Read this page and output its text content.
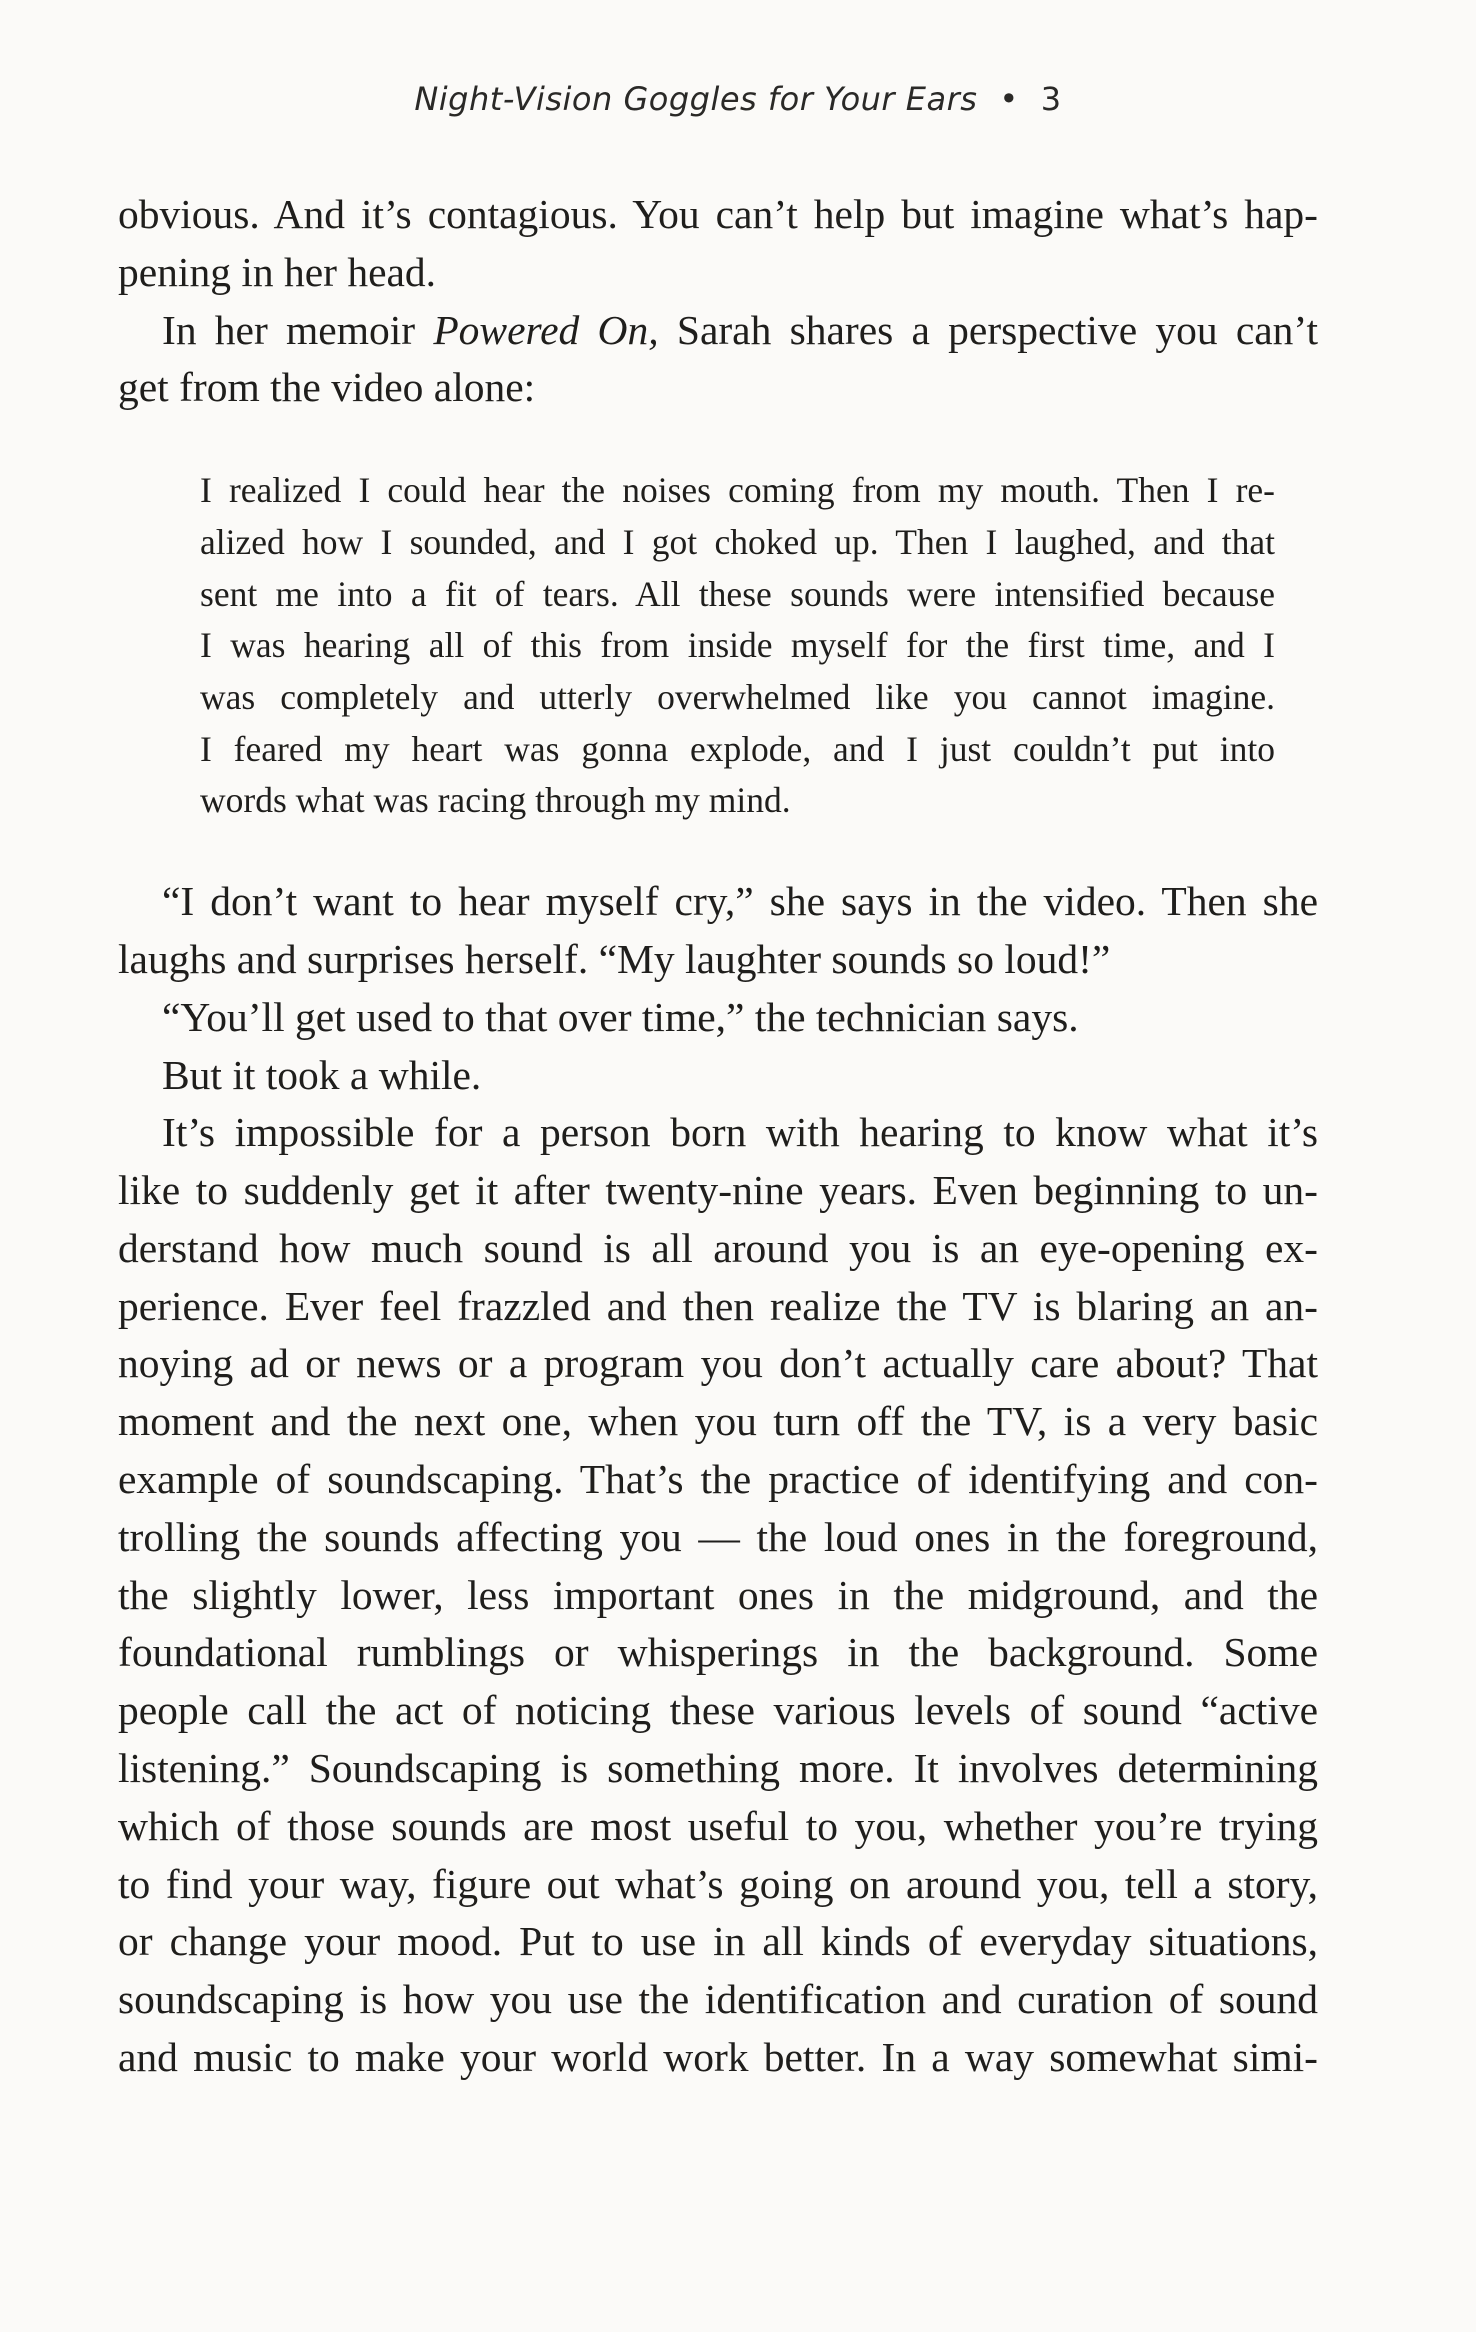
Night-Vision Goggles for Your Ears • 3
obvious. And it’s contagious. You can’t help but imagine what’s hap-
pening in her head.
In her memoir Powered On, Sarah shares a perspective you can’t
get from the video alone:
I realized I could hear the noises coming from my mouth. Then I re-
alized how I sounded, and I got choked up. Then I laughed, and that
sent me into a fit of tears. All these sounds were intensified because
I was hearing all of this from inside myself for the first time, and I
was completely and utterly overwhelmed like you cannot imagine.
I feared my heart was gonna explode, and I just couldn’t put into
words what was racing through my mind.
“I don’t want to hear myself cry,” she says in the video. Then she
laughs and surprises herself. “My laughter sounds so loud!”
“You’ll get used to that over time,” the technician says.
But it took a while.
It’s impossible for a person born with hearing to know what it’s
like to suddenly get it after twenty-nine years. Even beginning to un-
derstand how much sound is all around you is an eye-opening ex-
perience. Ever feel frazzled and then realize the TV is blaring an an-
noying ad or news or a program you don’t actually care about? That
moment and the next one, when you turn off the TV, is a very basic
example of soundscaping. That’s the practice of identifying and con-
trolling the sounds affecting you — the loud ones in the foreground,
the slightly lower, less important ones in the midground, and the
foundational rumblings or whisperings in the background. Some
people call the act of noticing these various levels of sound “active
listening.” Soundscaping is something more. It involves determining
which of those sounds are most useful to you, whether you’re trying
to find your way, figure out what’s going on around you, tell a story,
or change your mood. Put to use in all kinds of everyday situations,
soundscaping is how you use the identification and curation of sound
and music to make your world work better. In a way somewhat simi-
